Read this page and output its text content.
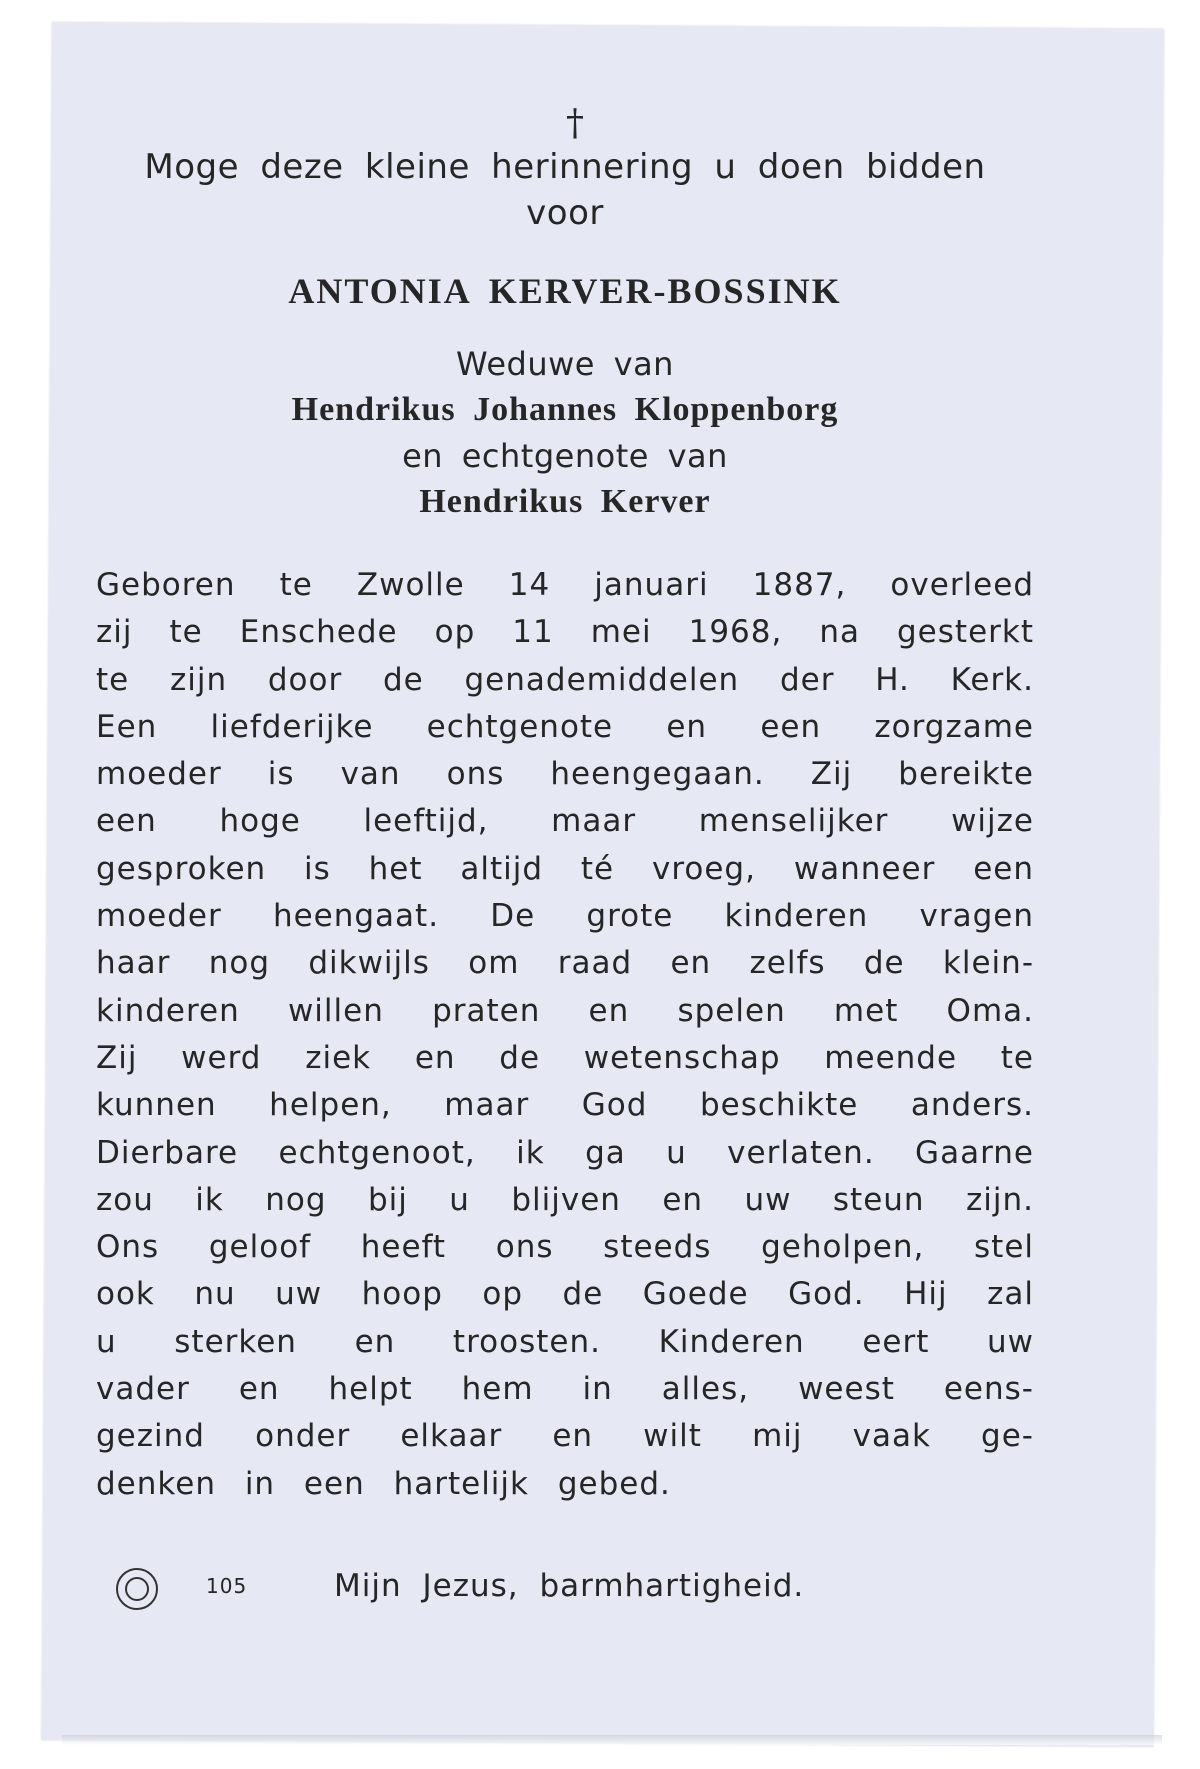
†
Moge deze kleine herinnering u doen bidden
voor
ANTONIA KERVER-BOSSINK
Weduwe van
Hendrikus Johannes Kloppenborg
en echtgenote van
Hendrikus Kerver
Geboren te Zwolle 14 januari 1887, overleed
zij te Enschede op 11 mei 1968, na gesterkt
te zijn door de genademiddelen der H. Kerk.
Een liefderijke echtgenote en een zorgzame
moeder is van ons heengegaan. Zij bereikte
een hoge leeftijd, maar menselijker wijze
gesproken is het altijd té vroeg, wanneer een
moeder heengaat. De grote kinderen vragen
haar nog dikwijls om raad en zelfs de klein-
kinderen willen praten en spelen met Oma.
Zij werd ziek en de wetenschap meende te
kunnen helpen, maar God beschikte anders.
Dierbare echtgenoot, ik ga u verlaten. Gaarne
zou ik nog bij u blijven en uw steun zijn.
Ons geloof heeft ons steeds geholpen, stel
ook nu uw hoop op de Goede God. Hij zal
u sterken en troosten. Kinderen eert uw
vader en helpt hem in alles, weest eens-
gezind onder elkaar en wilt mij vaak ge-
denken in een hartelijk gebed.
105	Mijn Jezus, barmhartigheid.
